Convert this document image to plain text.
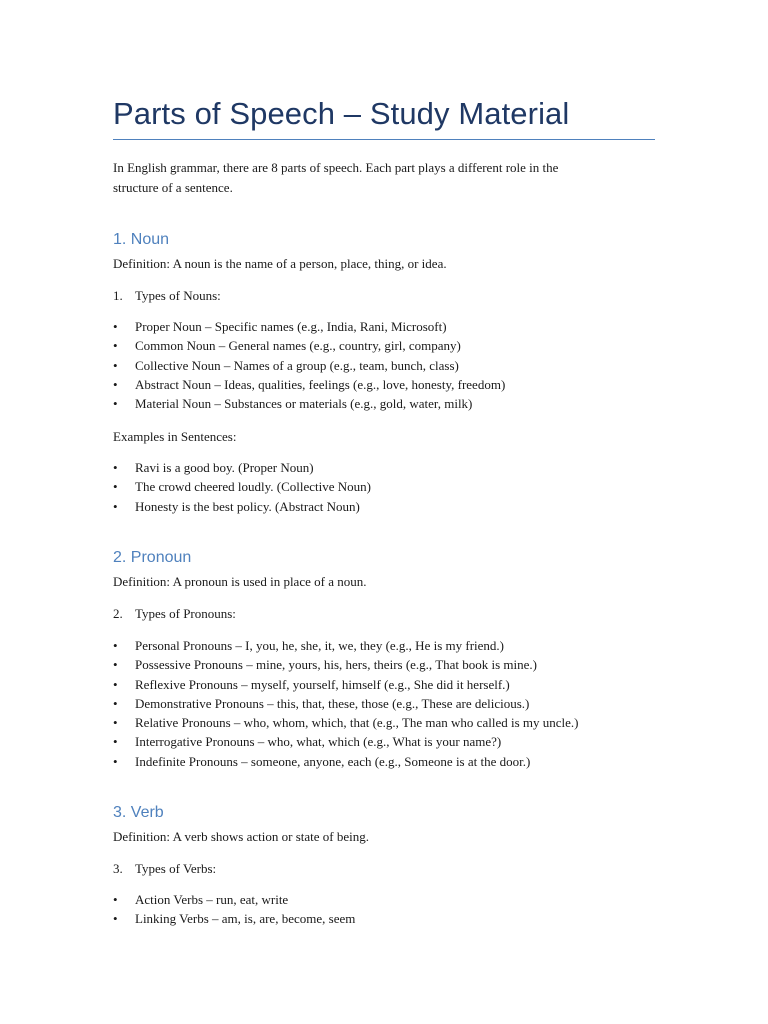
Parts of Speech – Study Material
In English grammar, there are 8 parts of speech. Each part plays a different role in the
structure of a sentence.
1. Noun
Definition: A noun is the name of a person, place, thing, or idea.
1. Types of Nouns:
•	Proper Noun – Specific names (e.g., India, Rani, Microsoft)
•	Common Noun – General names (e.g., country, girl, company)
•	Collective Noun – Names of a group (e.g., team, bunch, class)
•	Abstract Noun – Ideas, qualities, feelings (e.g., love, honesty, freedom)
•	Material Noun – Substances or materials (e.g., gold, water, milk)
Examples in Sentences:
•	Ravi is a good boy. (Proper Noun)
•	The crowd cheered loudly. (Collective Noun)
•	Honesty is the best policy. (Abstract Noun)
2. Pronoun
Definition: A pronoun is used in place of a noun.
2. Types of Pronouns:
•	Personal Pronouns – I, you, he, she, it, we, they (e.g., He is my friend.)
•	Possessive Pronouns – mine, yours, his, hers, theirs (e.g., That book is mine.)
•	Reflexive Pronouns – myself, yourself, himself (e.g., She did it herself.)
•	Demonstrative Pronouns – this, that, these, those (e.g., These are delicious.)
•	Relative Pronouns – who, whom, which, that (e.g., The man who called is my uncle.)
•	Interrogative Pronouns – who, what, which (e.g., What is your name?)
•	Indefinite Pronouns – someone, anyone, each (e.g., Someone is at the door.)
3. Verb
Definition: A verb shows action or state of being.
3. Types of Verbs:
•	Action Verbs – run, eat, write
•	Linking Verbs – am, is, are, become, seem
